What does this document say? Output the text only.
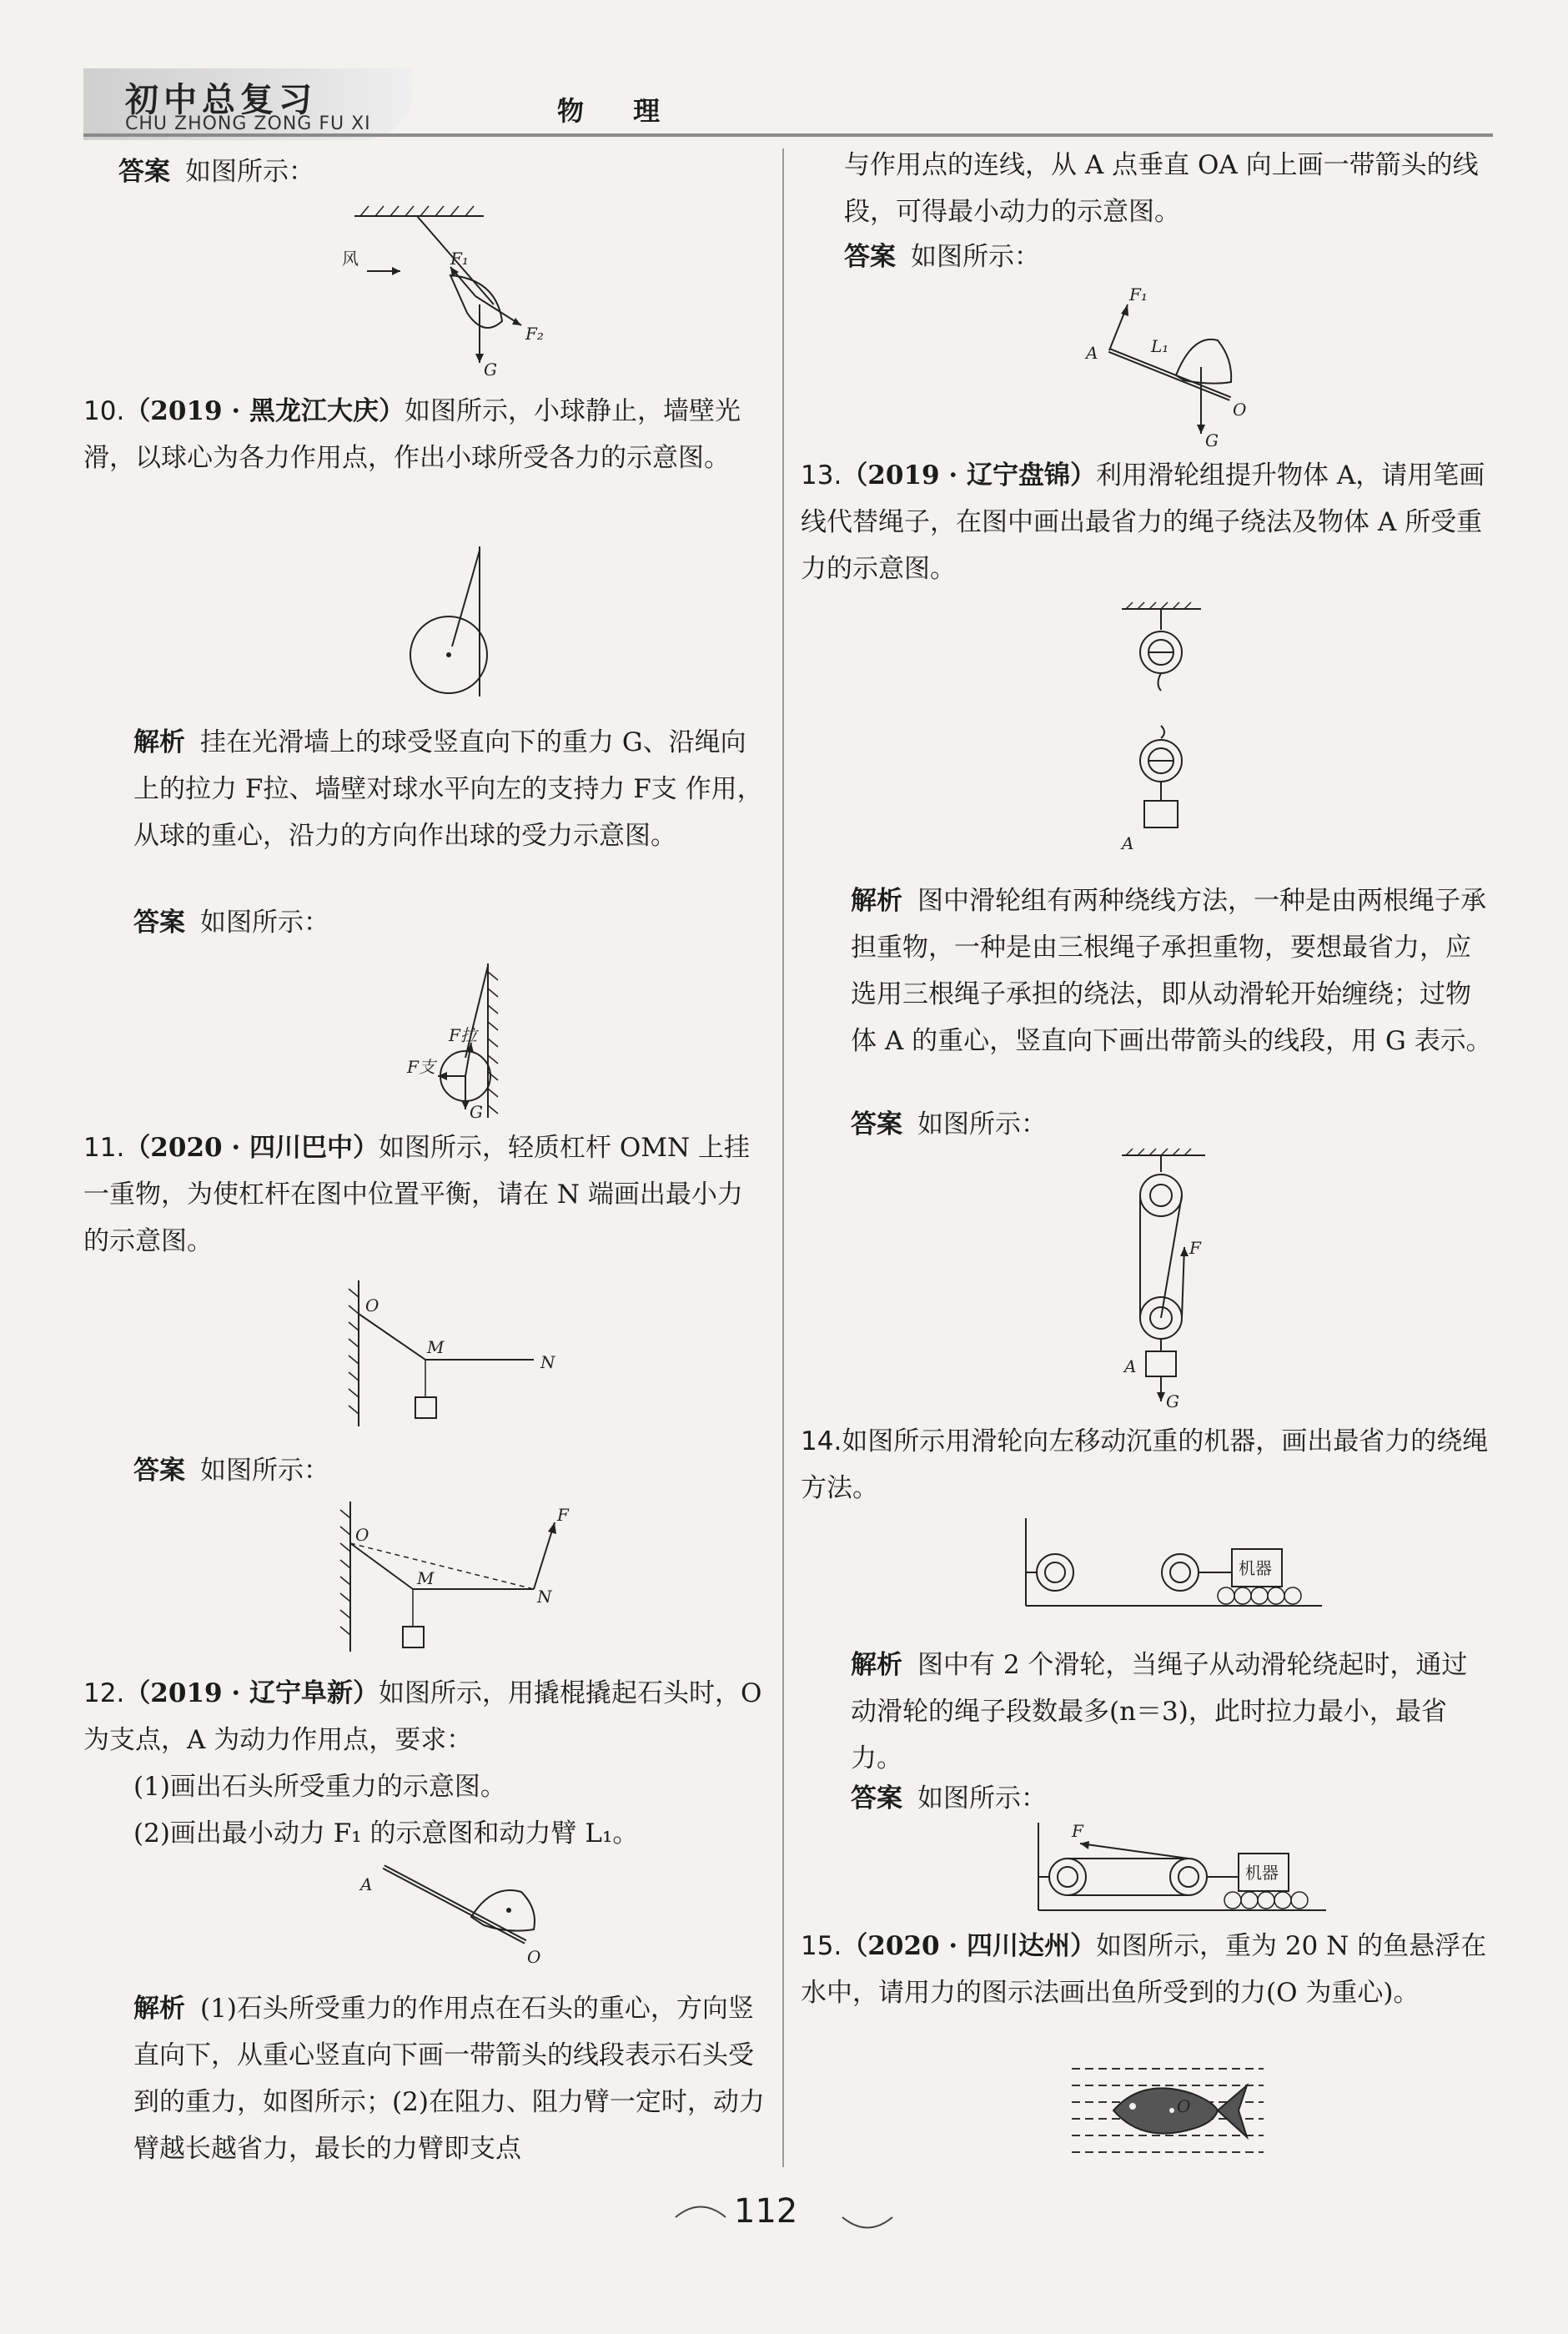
初中总复习
CHU ZHONG ZONG FU XI	物 理
答案 如图所示：
风	F₁
F₂
G
10.（2019 · 黑龙江大庆）如图所示，小球静止，墙壁光滑，以球心为各力作用点，作出小球所受各力的示意图。
解析 挂在光滑墙上的球受竖直向下的重力 G、沿绳向上的拉力 F拉、墙壁对球水平向左的支持力 F支 作用，从球的重心，沿力的方向作出球的受力示意图。
答案 如图所示：
F拉
F支
G
11.（2020 · 四川巴中）如图所示，轻质杠杆 OMN 上挂一重物，为使杠杆在图中位置平衡，请在 N 端画出最小力的示意图。
O
M
N
答案 如图所示：
F
O
M
N
12.（2019 · 辽宁阜新）如图所示，用撬棍撬起石头时，O 为支点，A 为动力作用点，要求：
(1)画出石头所受重力的示意图。
(2)画出最小动力 F₁ 的示意图和动力臂 L₁。
A
O
解析 (1)石头所受重力的作用点在石头的重心，方向竖直向下，从重心竖直向下画一带箭头的线段表示石头受到的重力，如图所示；(2)在阻力、阻力臂一定时，动力臂越长越省力，最长的力臂即支点
与作用点的连线，从 A 点垂直 OA 向上画一带箭头的线段，可得最小动力的示意图。
答案 如图所示：
F₁
L₁
G
A
O
13.（2019 · 辽宁盘锦）利用滑轮组提升物体 A，请用笔画线代替绳子，在图中画出最省力的绳子绕法及物体 A 所受重力的示意图。
A
解析 图中滑轮组有两种绕线方法，一种是由两根绳子承担重物，一种是由三根绳子承担重物，要想最省力，应选用三根绳子承担的绕法，即从动滑轮开始缠绕；过物体 A 的重心，竖直向下画出带箭头的线段，用 G 表示。
答案 如图所示：
F
G
A
14.如图所示用滑轮向左移动沉重的机器，画出最省力的绕绳方法。
机器
解析 图中有 2 个滑轮，当绳子从动滑轮绕起时，通过动滑轮的绳子段数最多(n＝3)，此时拉力最小，最省力。
答案 如图所示：
F
机器
15.（2020 · 四川达州）如图所示，重为 20 N 的鱼悬浮在水中，请用力的图示法画出鱼所受到的力(O 为重心)。
O
112
